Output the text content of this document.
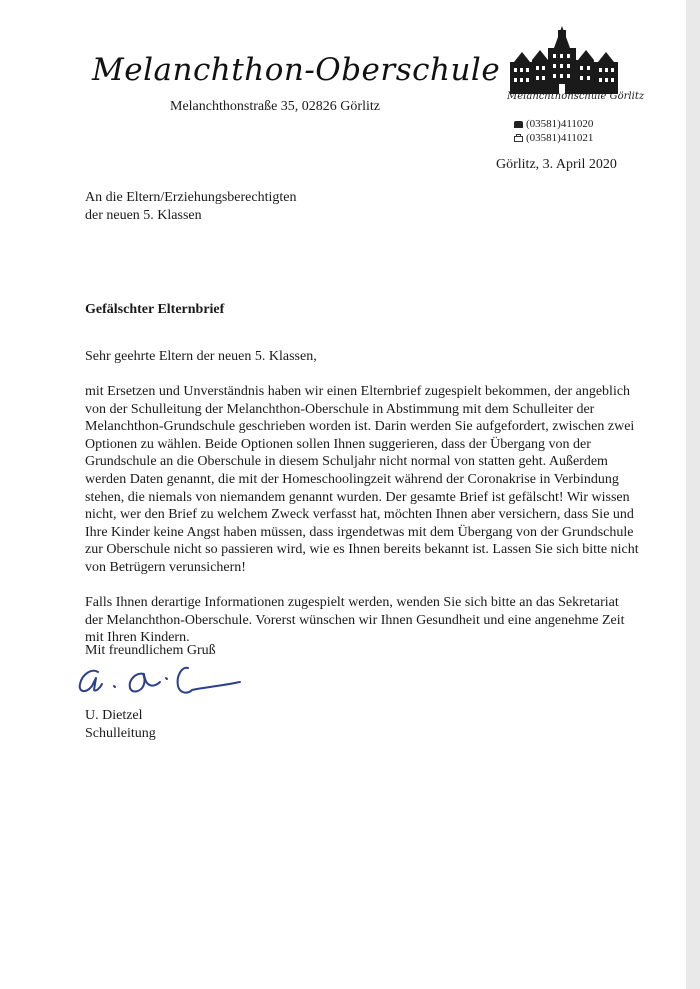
Melanchthon-Oberschule
Melanchthonstraße 35, 02826 Görlitz
Melanchthonschule Görlitz
(03581)411020
(03581)411021
Görlitz, 3. April 2020
An die Eltern/Erziehungsberechtigten
der neuen 5. Klassen
Gefälschter Elternbrief
Sehr geehrte Eltern der neuen 5. Klassen,

mit Ersetzen und Unverständnis haben wir einen Elternbrief zugespielt bekommen, der angeblich

von der Schulleitung der Melanchthon-Oberschule in Abstimmung mit dem Schulleiter der

Melanchthon-Grundschule geschrieben worden ist. Darin werden Sie aufgefordert, zwischen zwei

Optionen zu wählen. Beide Optionen sollen Ihnen suggerieren, dass der Übergang von der

Grundschule an die Oberschule in diesem Schuljahr nicht normal von statten geht. Außerdem

werden Daten genannt, die mit der Homeschoolingzeit während der Coronakrise in Verbindung

stehen, die niemals von niemandem genannt wurden. Der gesamte Brief ist gefälscht! Wir wissen

nicht, wer den Brief zu welchem Zweck verfasst hat, möchten Ihnen aber versichern, dass Sie und

Ihre Kinder keine Angst haben müssen, dass irgendetwas mit dem Übergang von der Grundschule

zur Oberschule nicht so passieren wird, wie es Ihnen bereits bekannt ist. Lassen Sie sich bitte nicht

von Betrügern verunsichern!

Falls Ihnen derartige Informationen zugespielt werden, wenden Sie sich bitte an das Sekretariat

der Melanchthon-Oberschule. Vorerst wünschen wir Ihnen Gesundheit und eine angenehme Zeit

mit Ihren Kindern.

Mit freundlichem Gruß
U. Dietzel
Schulleitung
